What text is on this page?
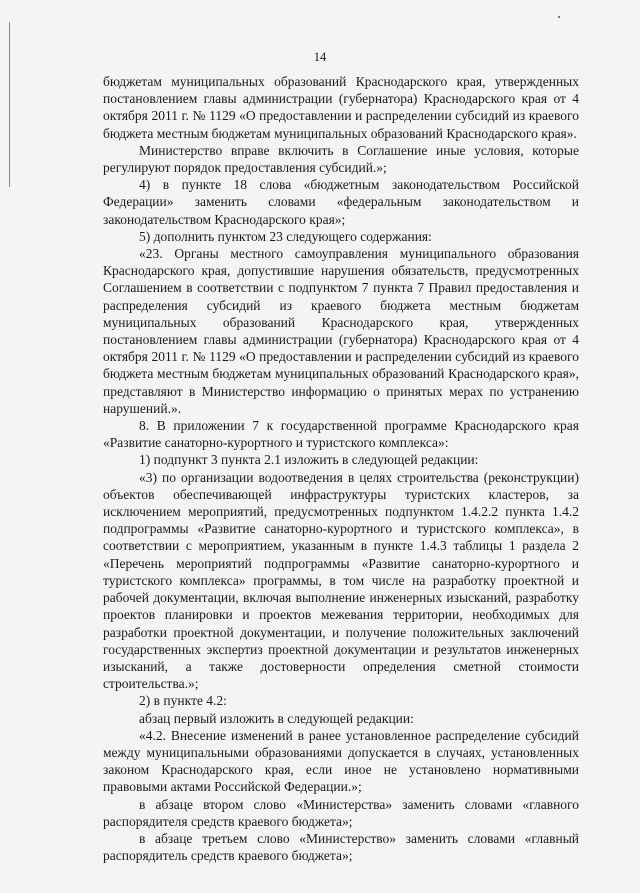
14

бюджетам муниципальных образований Краснодарского края, утвержденных постановлением главы администрации (губернатора) Краснодарского края от 4 октября 2011 г. № 1129 «О предоставлении и распределении субсидий из краевого бюджета местным бюджетам муниципальных образований Краснодарского края».

Министерство вправе включить в Соглашение иные условия, которые регулируют порядок предоставления субсидий.»;

4) в пункте 18 слова «бюджетным законодательством Российской Федерации» заменить словами «федеральным законодательством и законодательством Краснодарского края»;

5) дополнить пунктом 23 следующего содержания:

«23. Органы местного самоуправления муниципального образования Краснодарского края, допустившие нарушения обязательств, предусмотренных Соглашением в соответствии с подпунктом 7 пункта 7 Правил предоставления и распределения субсидий из краевого бюджета местным бюджетам муниципальных образований Краснодарского края, утвержденных постановлением главы администрации (губернатора) Краснодарского края от 4 октября 2011 г. № 1129 «О предоставлении и распределении субсидий из краевого бюджета местным бюджетам муниципальных образований Краснодарского края», представляют в Министерство информацию о принятых мерах по устранению нарушений.».

8. В приложении 7 к государственной программе Краснодарского края «Развитие санаторно-курортного и туристского комплекса»:

1) подпункт 3 пункта 2.1 изложить в следующей редакции:

«3) по организации водоотведения в целях строительства (реконструкции) объектов обеспечивающей инфраструктуры туристских кластеров, за исключением мероприятий, предусмотренных подпунктом 1.4.2.2 пункта 1.4.2 подпрограммы «Развитие санаторно-курортного и туристского комплекса», в соответствии с мероприятием, указанным в пункте 1.4.3 таблицы 1 раздела 2 «Перечень мероприятий подпрограммы «Развитие санаторно-курортного и туристского комплекса» программы, в том числе на разработку проектной и рабочей документации, включая выполнение инженерных изысканий, разработку проектов планировки и проектов межевания территории, необходимых для разработки проектной документации, и получение положительных заключений государственных экспертиз проектной документации и результатов инженерных изысканий, а также достоверности определения сметной стоимости строительства.»;

2) в пункте 4.2:

абзац первый изложить в следующей редакции:

«4.2. Внесение изменений в ранее установленное распределение субсидий между муниципальными образованиями допускается в случаях, установленных законом Краснодарского края, если иное не установлено нормативными правовыми актами Российской Федерации.»;

в абзаце втором слово «Министерства» заменить словами «главного распорядителя средств краевого бюджета»;

в абзаце третьем слово «Министерство» заменить словами «главный распорядитель средств краевого бюджета»;
